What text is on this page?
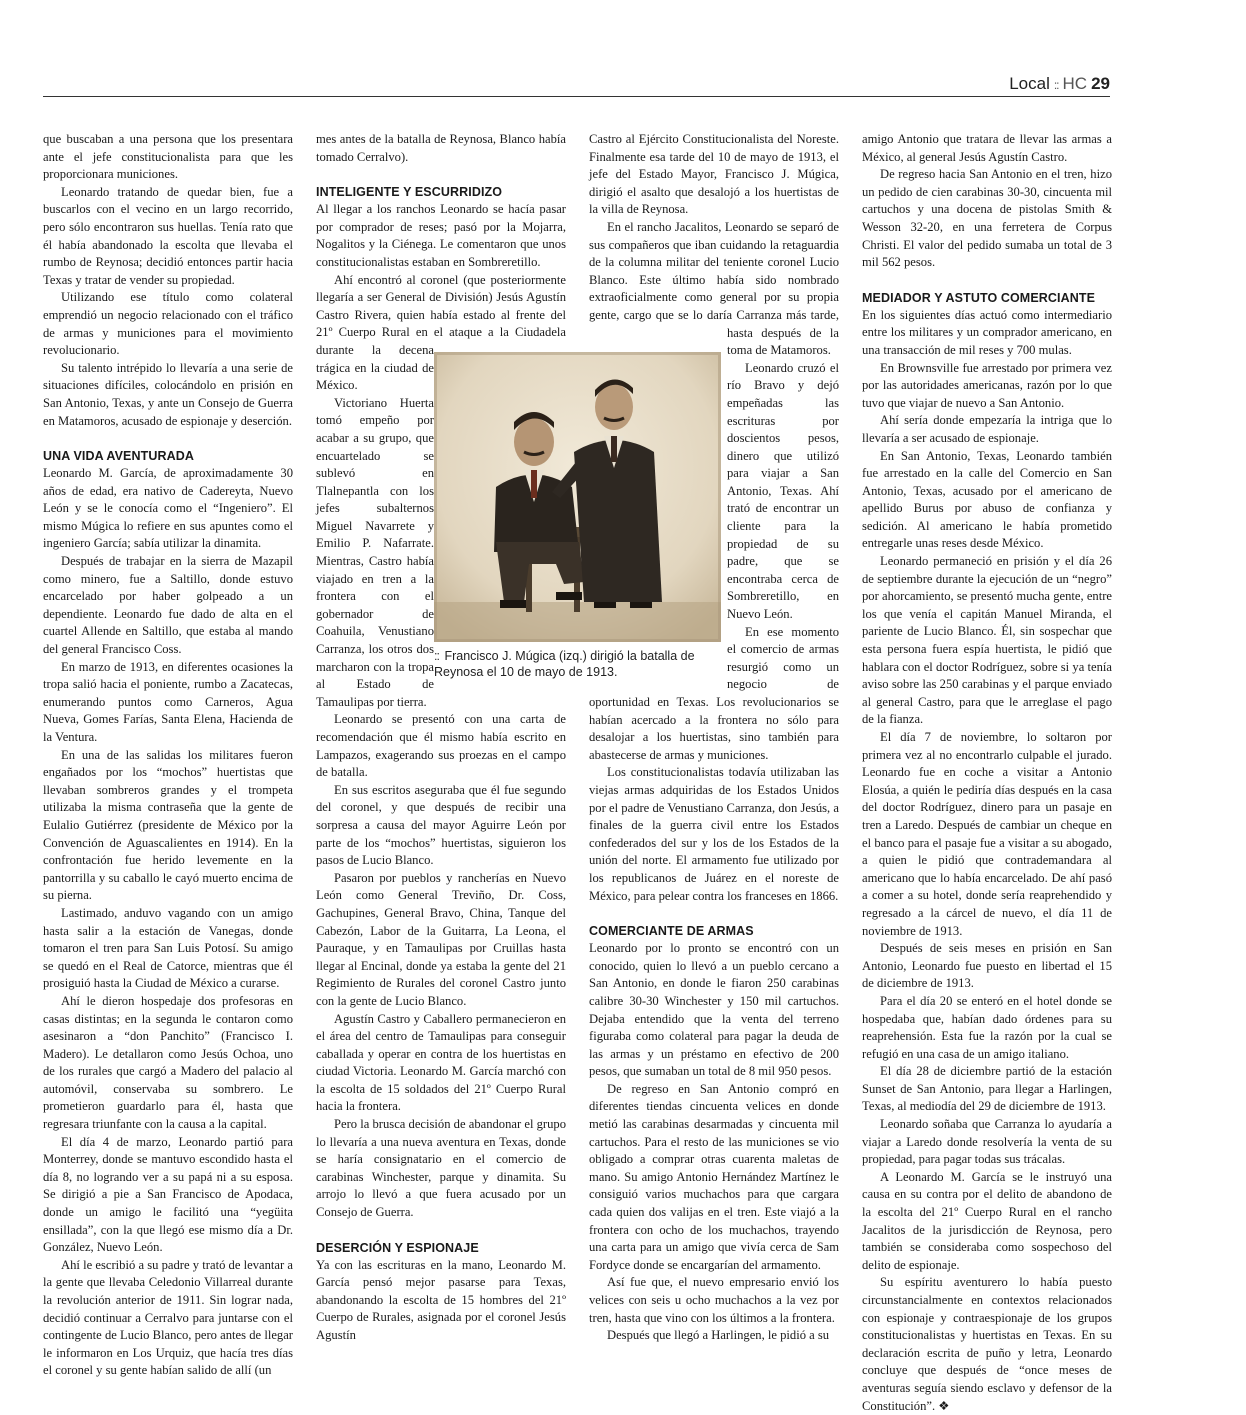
Local :: HC 29

que buscaban a una persona que los presentara ante el jefe constitucionalista para que les proporcionara municiones.

Leonardo tratando de quedar bien, fue a buscarlos con el vecino en un largo recorrido, pero sólo encontraron sus huellas. Tenía rato que él había abandonado la escolta que llevaba el rumbo de Reynosa; decidió entonces partir hacia Texas y tratar de vender su propiedad.

Utilizando ese título como colateral emprendió un negocio relacionado con el tráfico de armas y municiones para el movimiento revolucionario.

Su talento intrépido lo llevaría a una serie de situaciones difíciles, colocándolo en prisión en San Antonio, Texas, y ante un Consejo de Guerra en Matamoros, acusado de espionaje y deserción.

UNA VIDA AVENTURADA

Leonardo M. García, de aproximadamente 30 años de edad, era nativo de Cadereyta, Nuevo León y se le conocía como el “Ingeniero”. El mismo Múgica lo refiere en sus apuntes como el ingeniero García; sabía utilizar la dinamita.

Después de trabajar en la sierra de Mazapil como minero, fue a Saltillo, donde estuvo encarcelado por haber golpeado a un dependiente. Leonardo fue dado de alta en el cuartel Allende en Saltillo, que estaba al mando del general Francisco Coss.

En marzo de 1913, en diferentes ocasiones la tropa salió hacia el poniente, rumbo a Zacatecas, enumerando puntos como Carneros, Agua Nueva, Gomes Farías, Santa Elena, Hacienda de la Ventura.

En una de las salidas los militares fueron engañados por los “mochos” huertistas que llevaban sombreros grandes y el trompeta utilizaba la misma contraseña que la gente de Eulalio Gutiérrez (presidente de México por la Convención de Aguascalientes en 1914). En la confrontación fue herido levemente en la pantorrilla y su caballo le cayó muerto encima de su pierna.

Lastimado, anduvo vagando con un amigo hasta salir a la estación de Vanegas, donde tomaron el tren para San Luis Potosí. Su amigo se quedó en el Real de Catorce, mientras que él prosiguió hasta la Ciudad de México a curarse.

Ahí le dieron hospedaje dos profesoras en casas distintas; en la segunda le contaron como asesinaron a “don Panchito” (Francisco I. Madero). Le detallaron como Jesús Ochoa, uno de los rurales que cargó a Madero del palacio al automóvil, conservaba su sombrero. Le prometieron guardarlo para él, hasta que regresara triunfante con la causa a la capital.

El día 4 de marzo, Leonardo partió para Monterrey, donde se mantuvo escondido hasta el día 8, no logrando ver a su papá ni a su esposa. Se dirigió a pie a San Francisco de Apodaca, donde un amigo le facilitó una “yegüita ensillada”, con la que llegó ese mismo día a Dr. González, Nuevo León.

Ahí le escribió a su padre y trató de levantar a la gente que llevaba Celedonio Villarreal durante la revolución anterior de 1911. Sin lograr nada, decidió continuar a Cerralvo para juntarse con el contingente de Lucio Blanco, pero antes de llegar le informaron en Los Urquiz, que hacía tres días el coronel y su gente habían salido de allí (un

mes antes de la batalla de Reynosa, Blanco había tomado Cerralvo).

INTELIGENTE Y ESCURRIDIZO

Al llegar a los ranchos Leonardo se hacía pasar por comprador de reses; pasó por la Mojarra, Nogalitos y la Ciénega. Le comentaron que unos constitucionalistas estaban en Sombreretillo.

Ahí encontró al coronel (que posteriormente llegaría a ser General de División) Jesús Agustín Castro Rivera, quien había estado al frente del 21º Cuerpo Rural en el ataque a la Ciudadela durante la decena trágica en la ciudad de México.

Victoriano Huerta tomó empeño por acabar a su grupo, que encuartelado se sublevó en Tlalnepantla con los jefes subalternos Miguel Navarrete y Emilio P. Nafarrate. Mientras, Castro había viajado en tren a la frontera con el gobernador de Coahuila, Venustiano Carranza, los otros dos marcharon con la tropa al Estado de Tamaulipas por tierra.

Leonardo se presentó con una carta de recomendación que él mismo había escrito en Lampazos, exagerando sus proezas en el campo de batalla.

En sus escritos aseguraba que él fue segundo del coronel, y que después de recibir una sorpresa a causa del mayor Aguirre León por parte de los “mochos” huertistas, siguieron los pasos de Lucio Blanco.

Pasaron por pueblos y rancherías en Nuevo León como General Treviño, Dr. Coss, Gachupines, General Bravo, China, Tanque del Cabezón, Labor de la Guitarra, La Leona, el Pauraque, y en Tamaulipas por Cruillas hasta llegar al Encinal, donde ya estaba la gente del 21 Regimiento de Rurales del coronel Castro junto con la gente de Lucio Blanco.

Agustín Castro y Caballero permanecieron en el área del centro de Tamaulipas para conseguir caballada y operar en contra de los huertistas en ciudad Victoria. Leonardo M. García marchó con la escolta de 15 soldados del 21º Cuerpo Rural hacia la frontera.

Pero la brusca decisión de abandonar el grupo lo llevaría a una nueva aventura en Texas, donde se haría consignatario en el comercio de carabinas Winchester, parque y dinamita. Su arrojo lo llevó a que fuera acusado por un Consejo de Guerra.

DESERCIÓN Y ESPIONAJE

Ya con las escrituras en la mano, Leonardo M. García pensó mejor pasarse para Texas, abandonando la escolta de 15 hombres del 21º Cuerpo de Rurales, asignada por el coronel Jesús Agustín

Castro al Ejército Constitucionalista del Noreste. Finalmente esa tarde del 10 de mayo de 1913, el jefe del Estado Mayor, Francisco J. Múgica, dirigió el asalto que desalojó a los huertistas de la villa de Reynosa.

En el rancho Jacalitos, Leonardo se separó de sus compañeros que iban cuidando la retaguardia de la columna militar del teniente coronel Lucio Blanco. Este último había sido nombrado extraoficialmente como general por su propia gente, cargo que se lo daría Carranza más tarde, hasta después de la toma de Matamoros.

Leonardo cruzó el río Bravo y dejó empeñadas las escrituras por doscientos pesos, dinero que utilizó para viajar a San Antonio, Texas. Ahí trató de encontrar un cliente para la propiedad de su padre, que se encontraba cerca de Sombreretillo, en Nuevo León.

En ese momento el comercio de armas resurgió como un negocio de oportunidad en Texas. Los revolucionarios se habían acercado a la frontera no sólo para desalojar a los huertistas, sino también para abastecerse de armas y municiones.

Los constitucionalistas todavía utilizaban las viejas armas adquiridas de los Estados Unidos por el padre de Venustiano Carranza, don Jesús, a finales de la guerra civil entre los Estados confederados del sur y los de los Estados de la unión del norte. El armamento fue utilizado por los republicanos de Juárez en el noreste de México, para pelear contra los franceses en 1866.

COMERCIANTE DE ARMAS

Leonardo por lo pronto se encontró con un conocido, quien lo llevó a un pueblo cercano a San Antonio, en donde le fiaron 250 carabinas calibre 30-30 Winchester y 150 mil cartuchos. Dejaba entendido que la venta del terreno figuraba como colateral para pagar la deuda de las armas y un préstamo en efectivo de 200 pesos, que sumaban un total de 8 mil 950 pesos.

De regreso en San Antonio compró en diferentes tiendas cincuenta velices en donde metió las carabinas desarmadas y cincuenta mil cartuchos. Para el resto de las municiones se vio obligado a comprar otras cuarenta maletas de mano. Su amigo Antonio Hernández Martínez le consiguió varios muchachos para que cargara cada quien dos valijas en el tren. Este viajó a la frontera con ocho de los muchachos, trayendo una carta para un amigo que vivía cerca de Sam Fordyce donde se encargarían del armamento.

Así fue que, el nuevo empresario envió los velices con seis u ocho muchachos a la vez por tren, hasta que vino con los últimos a la frontera.

Después que llegó a Harlingen, le pidió a su

amigo Antonio que tratara de llevar las armas a México, al general Jesús Agustín Castro.

De regreso hacia San Antonio en el tren, hizo un pedido de cien carabinas 30-30, cincuenta mil cartuchos y una docena de pistolas Smith & Wesson 32-20, en una ferretera de Corpus Christi. El valor del pedido sumaba un total de 3 mil 562 pesos.

MEDIADOR Y ASTUTO COMERCIANTE

En los siguientes días actuó como intermediario entre los militares y un comprador americano, en una transacción de mil reses y 700 mulas.

En Brownsville fue arrestado por primera vez por las autoridades americanas, razón por lo que tuvo que viajar de nuevo a San Antonio.

Ahí sería donde empezaría la intriga que lo llevaría a ser acusado de espionaje.

En San Antonio, Texas, Leonardo también fue arrestado en la calle del Comercio en San Antonio, Texas, acusado por el americano de apellido Burus por abuso de confianza y sedición. Al americano le había prometido entregarle unas reses desde México.

Leonardo permaneció en prisión y el día 26 de septiembre durante la ejecución de un “negro” por ahorcamiento, se presentó mucha gente, entre los que venía el capitán Manuel Miranda, el pariente de Lucio Blanco. Él, sin sospechar que esta persona fuera espía huertista, le pidió que hablara con el doctor Rodríguez, sobre si ya tenía aviso sobre las 250 carabinas y el parque enviado al general Castro, para que le arreglase el pago de la fianza.

El día 7 de noviembre, lo soltaron por primera vez al no encontrarlo culpable el jurado. Leonardo fue en coche a visitar a Antonio Elosúa, a quién le pediría días después en la casa del doctor Rodríguez, dinero para un pasaje en tren a Laredo. Después de cambiar un cheque en el banco para el pasaje fue a visitar a su abogado, a quien le pidió que contrademandara al americano que lo había encarcelado. De ahí pasó a comer a su hotel, donde sería reaprehendido y regresado a la cárcel de nuevo, el día 11 de noviembre de 1913.

Después de seis meses en prisión en San Antonio, Leonardo fue puesto en libertad el 15 de diciembre de 1913.

Para el día 20 se enteró en el hotel donde se hospedaba que, habían dado órdenes para su reaprehensión. Esta fue la razón por la cual se refugió en una casa de un amigo italiano.

El día 28 de diciembre partió de la estación Sunset de San Antonio, para llegar a Harlingen, Texas, al mediodía del 29 de diciembre de 1913.

Leonardo soñaba que Carranza lo ayudaría a viajar a Laredo donde resolvería la venta de su propiedad, para pagar todas sus trácalas.

A Leonardo M. García se le instruyó una causa en su contra por el delito de abandono de la escolta del 21º Cuerpo Rural en el rancho Jacalitos de la jurisdicción de Reynosa, pero también se consideraba como sospechoso del delito de espionaje.

Su espíritu aventurero lo había puesto circunstancialmente en contextos relacionados con espionaje y contraespionaje de los grupos constitucionalistas y huertistas en Texas. En su declaración escrita de puño y letra, Leonardo concluye que después de “once meses de aventuras seguía siendo esclavo y defensor de la Constitución”. ❖

:: Francisco J. Múgica (izq.) dirigió la batalla de Reynosa el 10 de mayo de 1913.
